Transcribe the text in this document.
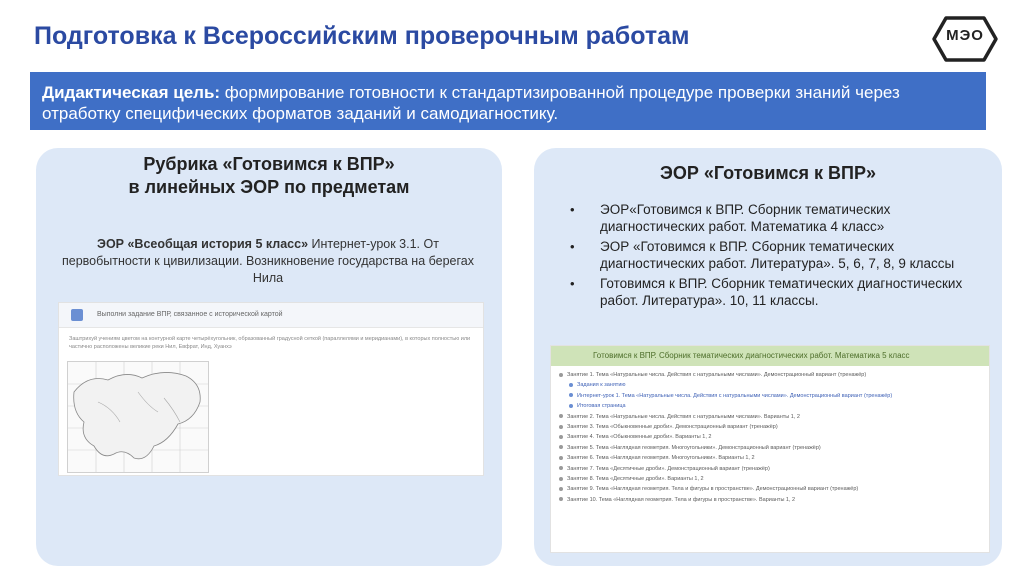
Подготовка к Всероссийским проверочным работам	МЭО
Дидактическая цель: формирование готовности к стандартизированной процедуре проверки знаний через отработку специфических форматов заданий и самодиагностику.
Рубрика «Готовимся к ВПР»
в линейных ЭОР по предметам
ЭОР «Всеобщая история 5 класс» Интернет-урок 3.1. От первобытности к цивилизации. Возникновение государства на берегах Нила
Выполни задание ВПР, связанное с исторической картой
Заштрихуй учениям цветом на контурной карте четырёхугольник, образованный градусной сеткой (параллелями и меридианами), в которых полностью или частично расположены великие реки Нил, Евфрат, Инд, Хуанхэ
ЭОР «Готовимся к ВПР»
• ЭОР«Готовимся к ВПР. Сборник тематических диагностических работ. Математика 4 класс»
• ЭОР «Готовимся к ВПР. Сборник тематических диагностических работ. Литература». 5, 6, 7, 8, 9 классы
• Готовимся к ВПР. Сборник тематических диагностических работ. Литература». 10, 11 классы.
Готовимся к ВПР. Сборник тематических диагностических работ. Математика 5 класс
Занятие 1. Тема «Натуральные числа. Действия с натуральными числами». Демонстрационный вариант (тренажёр)
Задания к занятию
Интернет-урок 1. Тема «Натуральные числа. Действия с натуральными числами». Демонстрационный вариант (тренажёр)
Итоговая страница
Занятие 2. Тема «Натуральные числа. Действия с натуральными числами». Варианты 1, 2
Занятие 3. Тема «Обыкновенные дроби». Демонстрационный вариант (тренажёр)
Занятие 4. Тема «Обыкновенные дроби». Варианты 1, 2
Занятие 5. Тема «Наглядная геометрия. Многоугольники». Демонстрационный вариант (тренажёр)
Занятие 6. Тема «Наглядная геометрия. Многоугольники». Варианты 1, 2
Занятие 7. Тема «Десятичные дроби». Демонстрационный вариант (тренажёр)
Занятие 8. Тема «Десятичные дроби». Варианты 1, 2
Занятие 9. Тема «Наглядная геометрия. Тела и фигуры в пространстве». Демонстрационный вариант (тренажёр)
Занятие 10. Тема «Наглядная геометрия. Тела и фигуры в пространстве». Варианты 1, 2
